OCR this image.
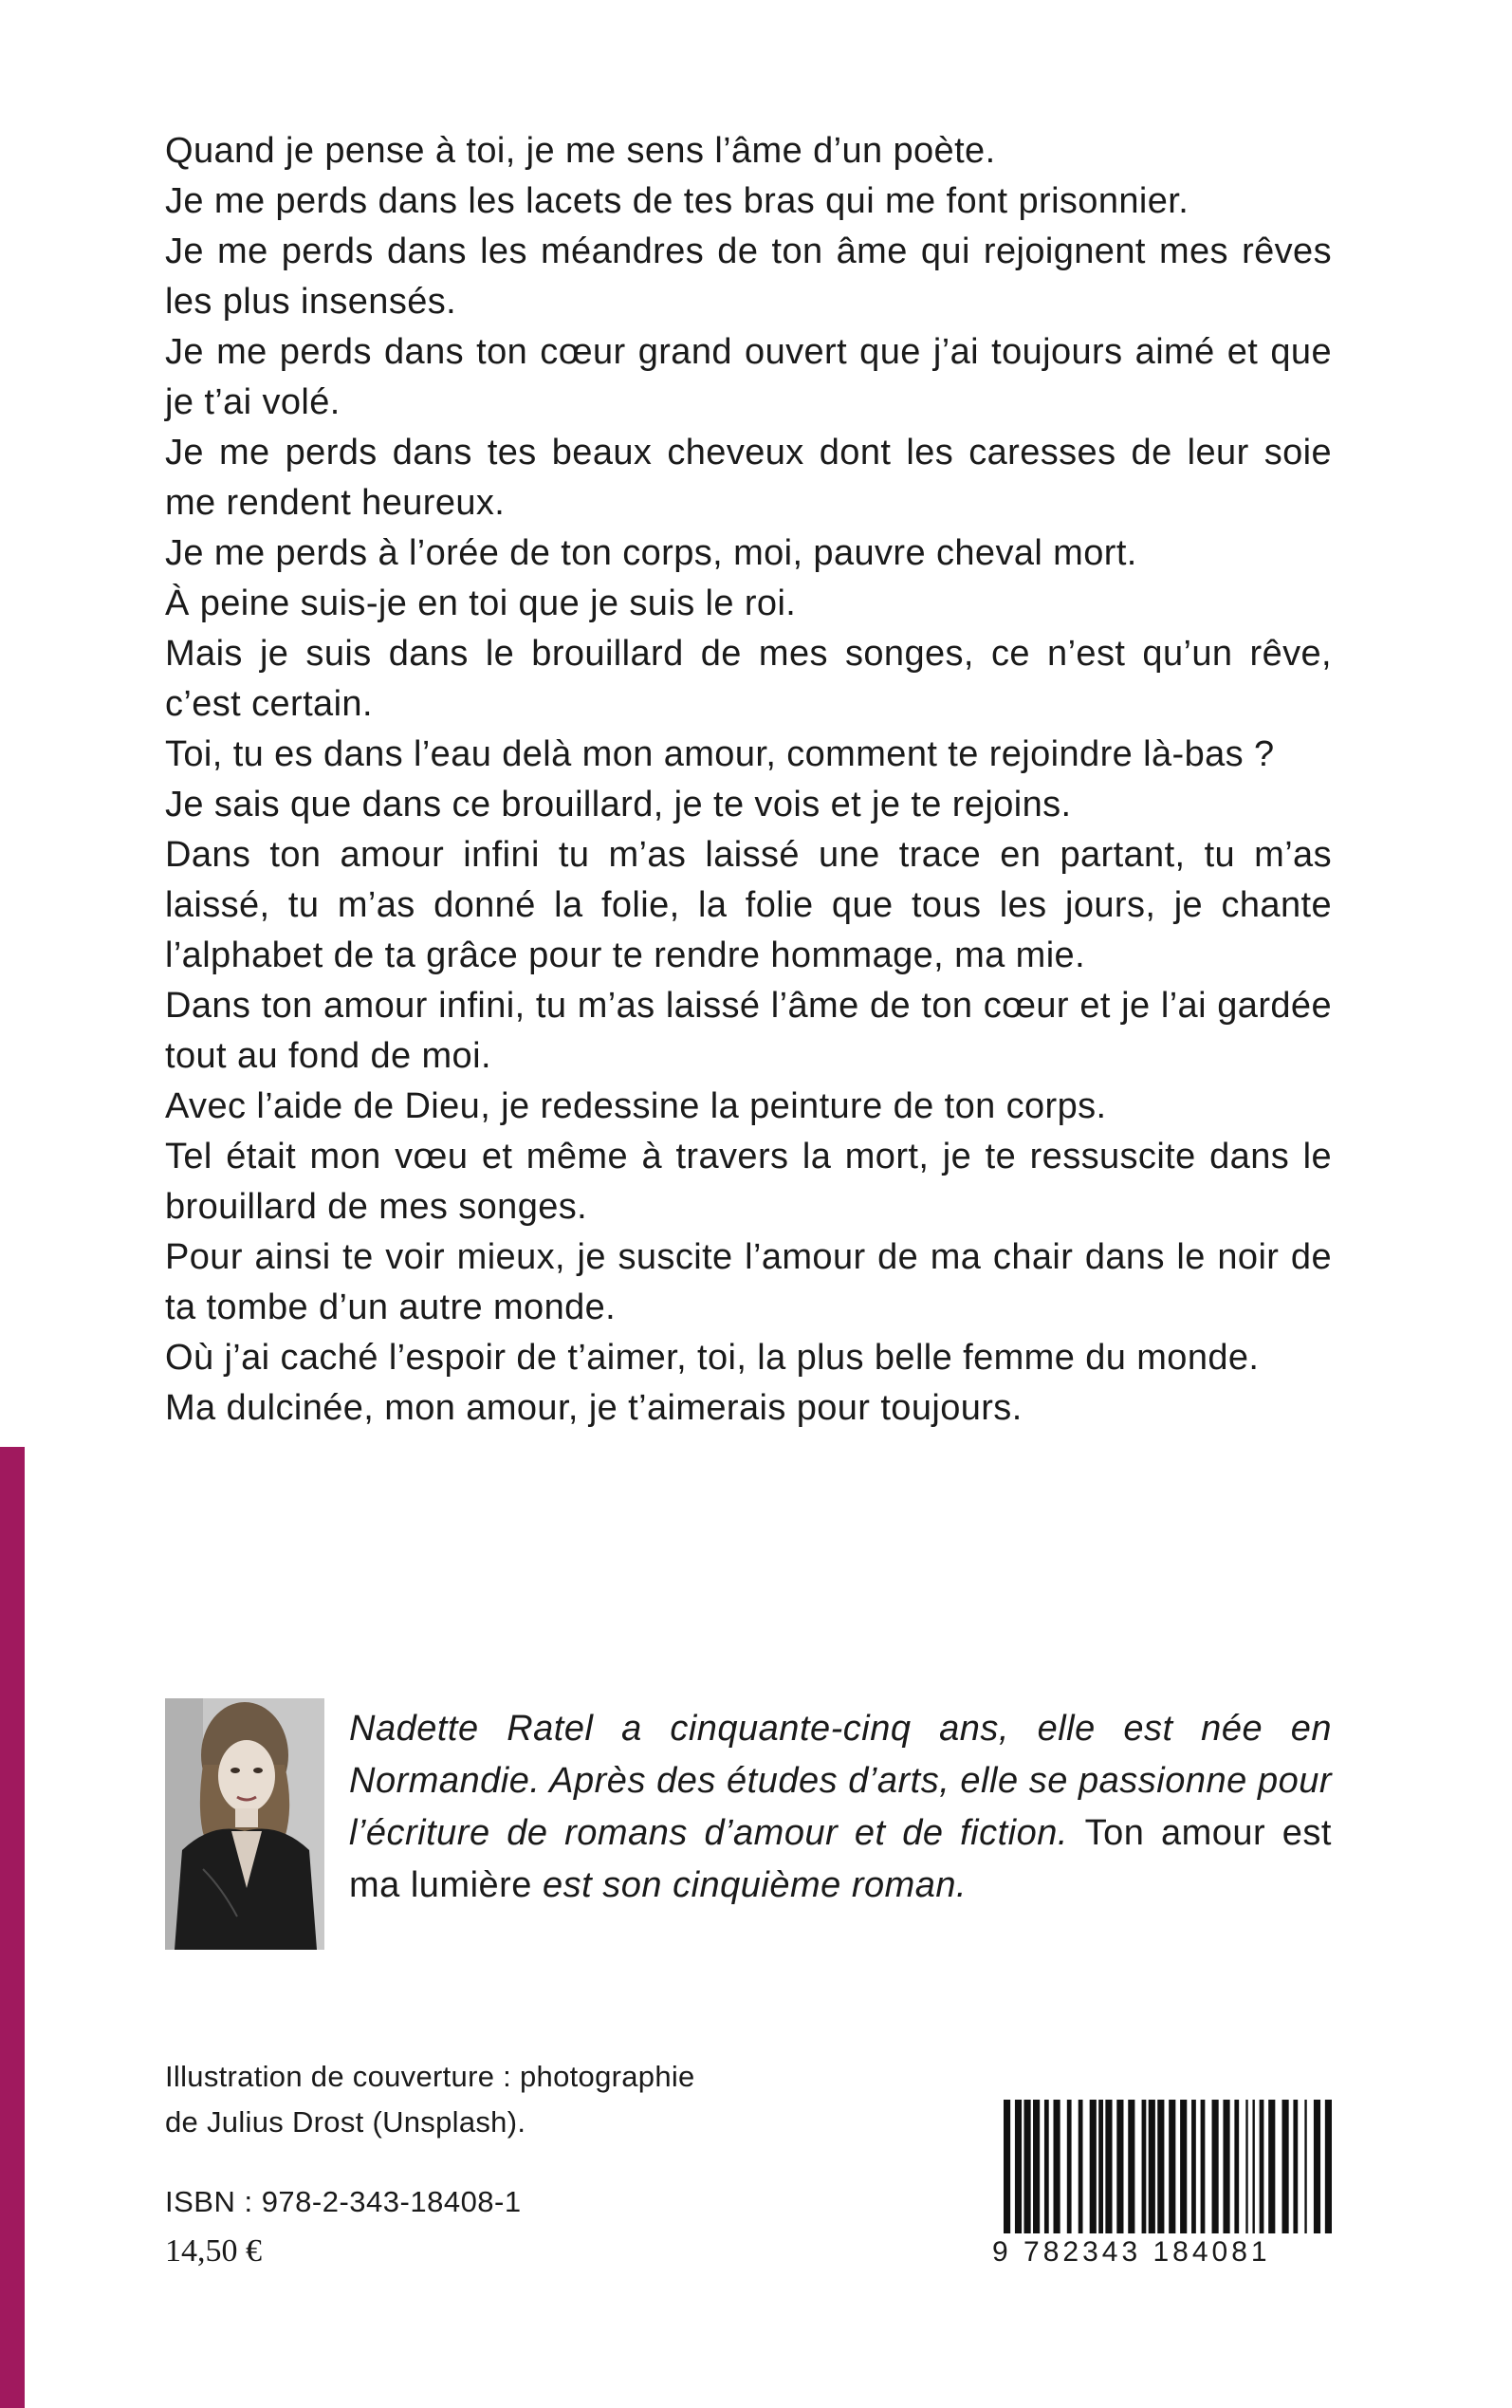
Quand je pense à toi, je me sens l’âme d’un poète.

Je me perds dans les lacets de tes bras qui me font prisonnier.

Je me perds dans les méandres de ton âme qui rejoignent mes rêves les plus insensés.

Je me perds dans ton cœur grand ouvert que j’ai toujours aimé et que je t’ai volé.

Je me perds dans tes beaux cheveux dont les caresses de leur soie me rendent heureux.

Je me perds à l’orée de ton corps, moi, pauvre cheval mort.

À peine suis-je en toi que je suis le roi.

Mais je suis dans le brouillard de mes songes, ce n’est qu’un rêve, c’est certain.

Toi, tu es dans l’eau delà mon amour, comment te rejoindre là-bas ?

Je sais que dans ce brouillard, je te vois et je te rejoins.

Dans ton amour infini tu m’as laissé une trace en partant, tu m’as laissé, tu m’as donné la folie, la folie que tous les jours, je chante l’alphabet de ta grâce pour te rendre hommage, ma mie.

Dans ton amour infini, tu m’as laissé l’âme de ton cœur et je l’ai gardée tout au fond de moi.

Avec l’aide de Dieu, je redessine la peinture de ton corps.

Tel était mon vœu et même à travers la mort, je te ressuscite dans le brouillard de mes songes.

Pour ainsi te voir mieux, je suscite l’amour de ma chair dans le noir de ta tombe d’un autre monde.

Où j’ai caché l’espoir de t’aimer, toi, la plus belle femme du monde.

Ma dulcinée, mon amour, je t’aimerais pour toujours.

Nadette Ratel a cinquante-cinq ans, elle est née en Normandie. Après des études d’arts, elle se passionne pour l’écriture de romans d’amour et de fiction. Ton amour est ma lumière est son cinquième roman.

Illustration de couverture : photographie

de Julius Drost (Unsplash).

ISBN : 978-2-343-18408-1
14,50 €	9 782343 184081
